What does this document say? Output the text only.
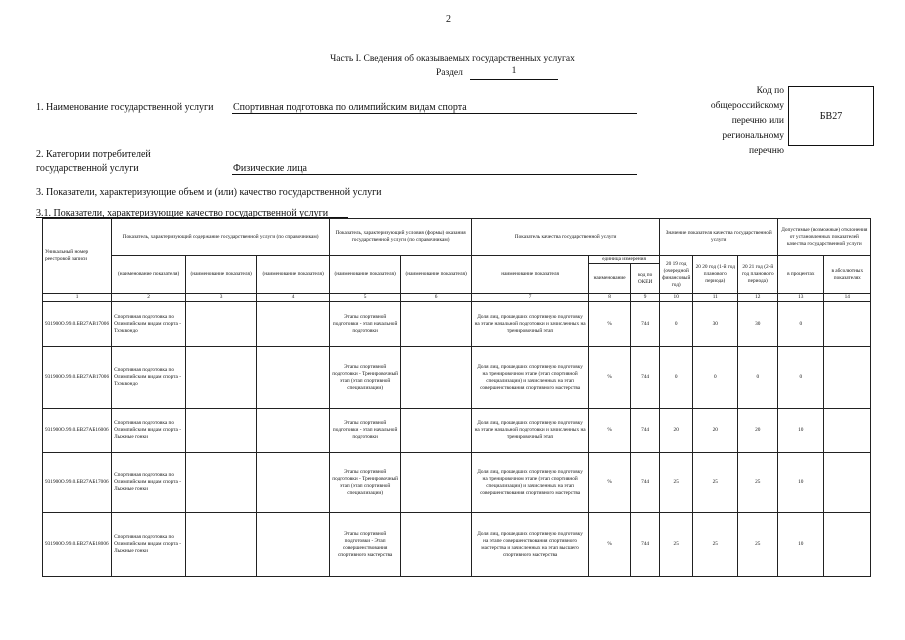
2
Часть I. Сведения об оказываемых государственных услугах
Раздел	1
Код по общероссийскому перечню или региональному перечню
БВ27
1. Наименование государственной услуги Спортивная подготовка по олимпийским видам спорта
2. Категории потребителей
государственной услуги	Физические лица
3. Показатели, характеризующие объем и (или) качество государственной услуги
3.1. Показатели, характеризующие качество государственной услуги
Уникальный номер реестровой записи	Показатель, характеризующий содержание государственной услуги (по справочникам)			Показатель, характеризующий условия (формы) оказания государственной услуги (по справочникам)		Показатель качества государственной услуги			Значение показателя качества государственной услуги			Допустимые (возможные) отклонения от установленных показателей качества государственной услуги	
	(наименование показателя)	(наименование показателя)	(наименование показателя)	(наименование показателя)	(наименование показателя)	наименование показателя	единица измерения		20 19 год (очередной финансовый год)	20 20 год (1-й год планового периода)	20 21 год (2-й год планового периода)	в процентах	в абсолютных показателях
							наименование	код по ОКЕИ					
1	2	3	4	5	6	7	8	9	10	11	12	13	14
931900О.99.0.БВ27АВ17006	Спортивная подготовка по Олимпийским видам спорта - Тхэквондо			Этапы спортивной подготовки - этап начальной подготовки		Доля лиц, прошедших спортивную подготовку на этапе начальной подготовки и зачисленных на тренировочный этап	%	744	0	30	30	0	
931900О.99.0.БВ27АВ17006	Спортивная подготовка по Олимпийским видам спорта - Тхэквондо			Этапы спортивной подготовки - Тренировочный этап (этап спортивной специализации)		Доля лиц, прошедших спортивную подготовку на тренировочном этапе (этап спортивной специализации) и зачисленных на этап совершенствования спортивного мастерства	%	744	0	0	0	0	
931900О.99.0.БВ27АБ16006	Спортивная подготовка по Олимпийским видам спорта - Лыжные гонки			Этапы спортивной подготовки - этап начальной подготовки		Доля лиц, прошедших спортивную подготовку на этапе начальной подготовки и зачисленных на тренировочный этап	%	744	20	20	20	10	
931900О.99.0.БВ27АБ17006	Спортивная подготовка по Олимпийским видам спорта - Лыжные гонки			Этапы спортивной подготовки - Тренировочный этап (этап спортивной специализации)		Доля лиц, прошедших спортивную подготовку на тренировочном этапе (этап спортивной специализации) и зачисленных на этап совершенствования спортивного мастерства	%	744	25	25	25	10	
931900О.99.0.БВ27АБ18006	Спортивная подготовка по Олимпийским видам спорта - Лыжные гонки			Этапы спортивной подготовки - Этап совершенствования спортивного мастерства		Доля лиц, прошедших спортивную подготовку на этапе совершенствования спортивного мастерства и зачисленных на этап высшего спортивного мастерства	%	744	25	25	25	10	
